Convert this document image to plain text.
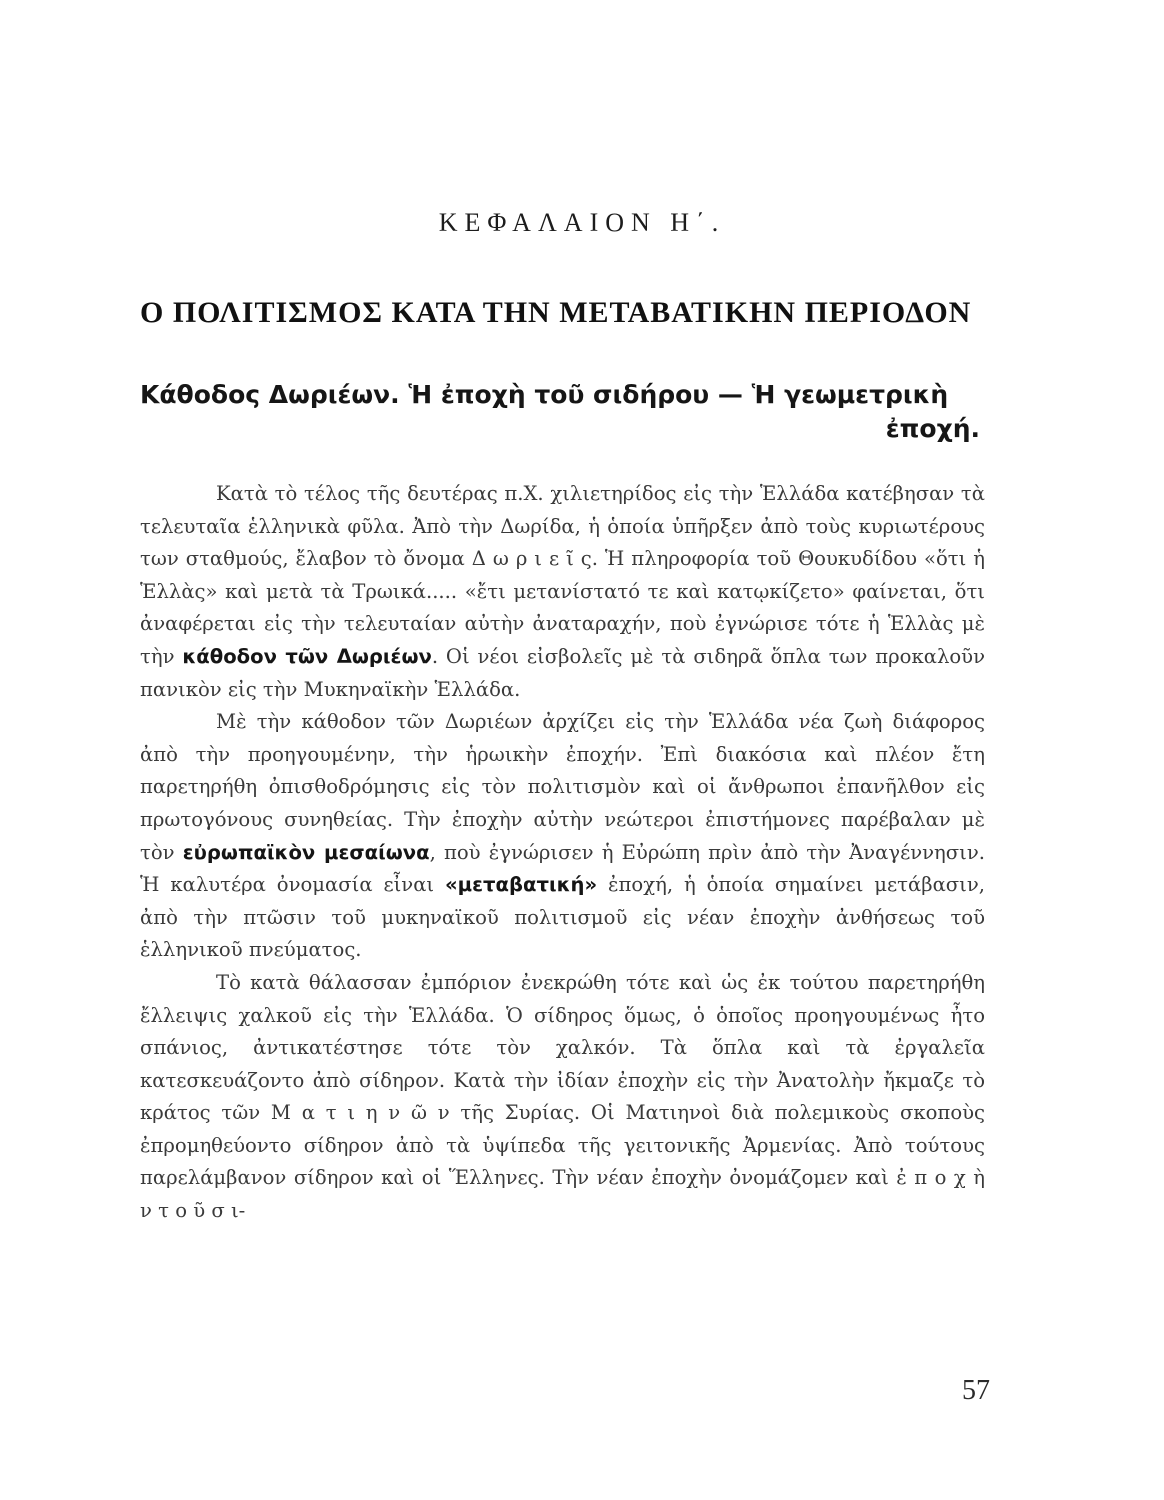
ΚΕΦΑΛΑΙΟΝ Η΄.
Ο ΠΟΛΙΤΙΣΜΟΣ ΚΑΤΑ ΤΗΝ ΜΕΤΑΒΑΤΙΚΗΝ ΠΕΡΙΟΔΟΝ
Κάθοδος Δωριέων. Ἡ ἐποχὴ τοῦ σιδήρου — Ἡ γεωμετρικὴ
ἐποχή.

Κατὰ τὸ τέλος τῆς δευτέρας π.Χ. χιλιετηρίδος εἰς τὴν Ἑλλάδα κατέβησαν τὰ τελευταῖα ἑλληνικὰ φῦλα. Ἀπὸ τὴν Δωρίδα, ἡ ὁποία ὑπῆρξεν ἀπὸ τοὺς κυριωτέρους των σταθμούς, ἔλαβον τὸ ὄνομα Δ ω ρ ι ε ῖ ς. Ἡ πληροφορία τοῦ Θουκυδίδου «ὅτι ἡ Ἑλλὰς» καὶ μετὰ τὰ Τρωικά..... «ἔτι μετανίστατό τε καὶ κατῳκίζετο» φαίνεται, ὅτι ἀναφέρεται εἰς τὴν τελευταίαν αὐτὴν ἀναταραχήν, ποὺ ἐγνώρισε τότε ἡ Ἑλλὰς μὲ τὴν κάθοδον τῶν Δωριέων. Οἱ νέοι εἰσβολεῖς μὲ τὰ σιδηρᾶ ὅπλα των προκαλοῦν πανικὸν εἰς τὴν Μυκηναϊκὴν Ἑλλάδα.

Μὲ τὴν κάθοδον τῶν Δωριέων ἀρχίζει εἰς τὴν Ἑλλάδα νέα ζωὴ διάφορος ἀπὸ τὴν προηγουμένην, τὴν ἡρωικὴν ἐποχήν. Ἐπὶ διακόσια καὶ πλέον ἔτη παρετηρήθη ὀπισθοδρόμησις εἰς τὸν πολιτισμὸν καὶ οἱ ἄνθρωποι ἐπανῆλθον εἰς πρωτογόνους συνηθείας. Τὴν ἐποχὴν αὐτὴν νεώτεροι ἐπιστήμονες παρέβαλαν μὲ τὸν εὐρωπαϊκὸν μεσαίωνα, ποὺ ἐγνώρισεν ἡ Εὐρώπη πρὶν ἀπὸ τὴν Ἀναγέννησιν. Ἡ καλυτέρα ὀνομασία εἶναι «μεταβατική» ἐποχή, ἡ ὁποία σημαίνει μετάβασιν, ἀπὸ τὴν πτῶσιν τοῦ μυκηναϊκοῦ πολιτισμοῦ εἰς νέαν ἐποχὴν ἀνθήσεως τοῦ ἑλληνικοῦ πνεύματος.

Τὸ κατὰ θάλασσαν ἐμπόριον ἐνεκρώθη τότε καὶ ὡς ἐκ τούτου παρετηρήθη ἔλλειψις χαλκοῦ εἰς τὴν Ἑλλάδα. Ὁ σίδηρος ὅμως, ὁ ὁποῖος προηγουμένως ἦτο σπάνιος, ἀντικατέστησε τότε τὸν χαλκόν. Τὰ ὅπλα καὶ τὰ ἐργαλεῖα κατεσκευάζοντο ἀπὸ σίδηρον. Κατὰ τὴν ἰδίαν ἐποχὴν εἰς τὴν Ἀνατολὴν ἤκμαζε τὸ κράτος τῶν Μ α τ ι η ν ῶ ν τῆς Συρίας. Οἱ Ματιηνοὶ διὰ πολεμικοὺς σκοποὺς ἐπρομηθεύοντο σίδηρον ἀπὸ τὰ ὑψίπεδα τῆς γειτονικῆς Ἀρμενίας. Ἀπὸ τούτους παρελάμβανον σίδηρον καὶ οἱ Ἕλληνες. Τὴν νέαν ἐποχὴν ὀνομάζομεν καὶ ἐ π ο χ ὴ ν τ ο ῦ σ ι-

57
